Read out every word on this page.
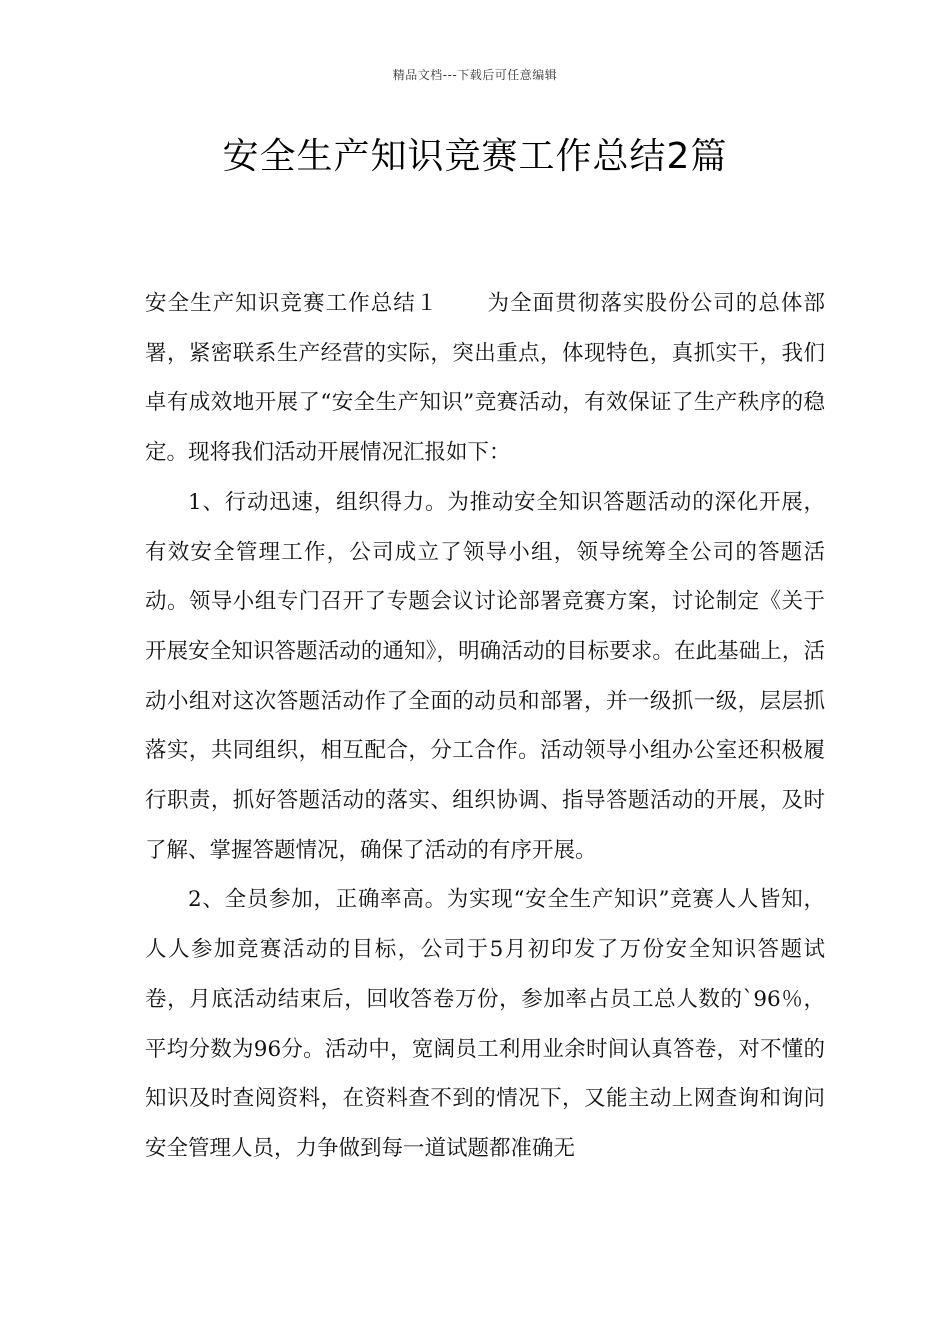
精品文档---下载后可任意编辑
安全生产知识竞赛工作总结2篇

安全生产知识竞赛工作总结１ 为全面贯彻落实股份公司的总体部署，紧密联系生产经营的实际，突出重点，体现特色，真抓实干，我们卓有成效地开展了“安全生产知识”竞赛活动，有效保证了生产秩序的稳定。现将我们活动开展情况汇报如下：

1、行动迅速，组织得力。为推动安全知识答题活动的深化开展，有效安全管理工作，公司成立了领导小组，领导统筹全公司的答题活动。领导小组专门召开了专题会议讨论部署竞赛方案，讨论制定《关于开展安全知识答题活动的通知》，明确活动的目标要求。在此基础上，活动小组对这次答题活动作了全面的动员和部署，并一级抓一级，层层抓落实，共同组织，相互配合，分工合作。活动领导小组办公室还积极履行职责，抓好答题活动的落实、组织协调、指导答题活动的开展，及时了解、掌握答题情况，确保了活动的有序开展。

2、全员参加，正确率高。为实现“安全生产知识”竞赛人人皆知，人人参加竞赛活动的目标，公司于5月初印发了万份安全知识答题试卷，月底活动结束后，回收答卷万份，参加率占员工总人数的`96％，平均分数为96分。活动中，宽阔员工利用业余时间认真答卷，对不懂的知识及时查阅资料，在资料查不到的情况下，又能主动上网查询和询问安全管理人员，力争做到每一道试题都准确无
